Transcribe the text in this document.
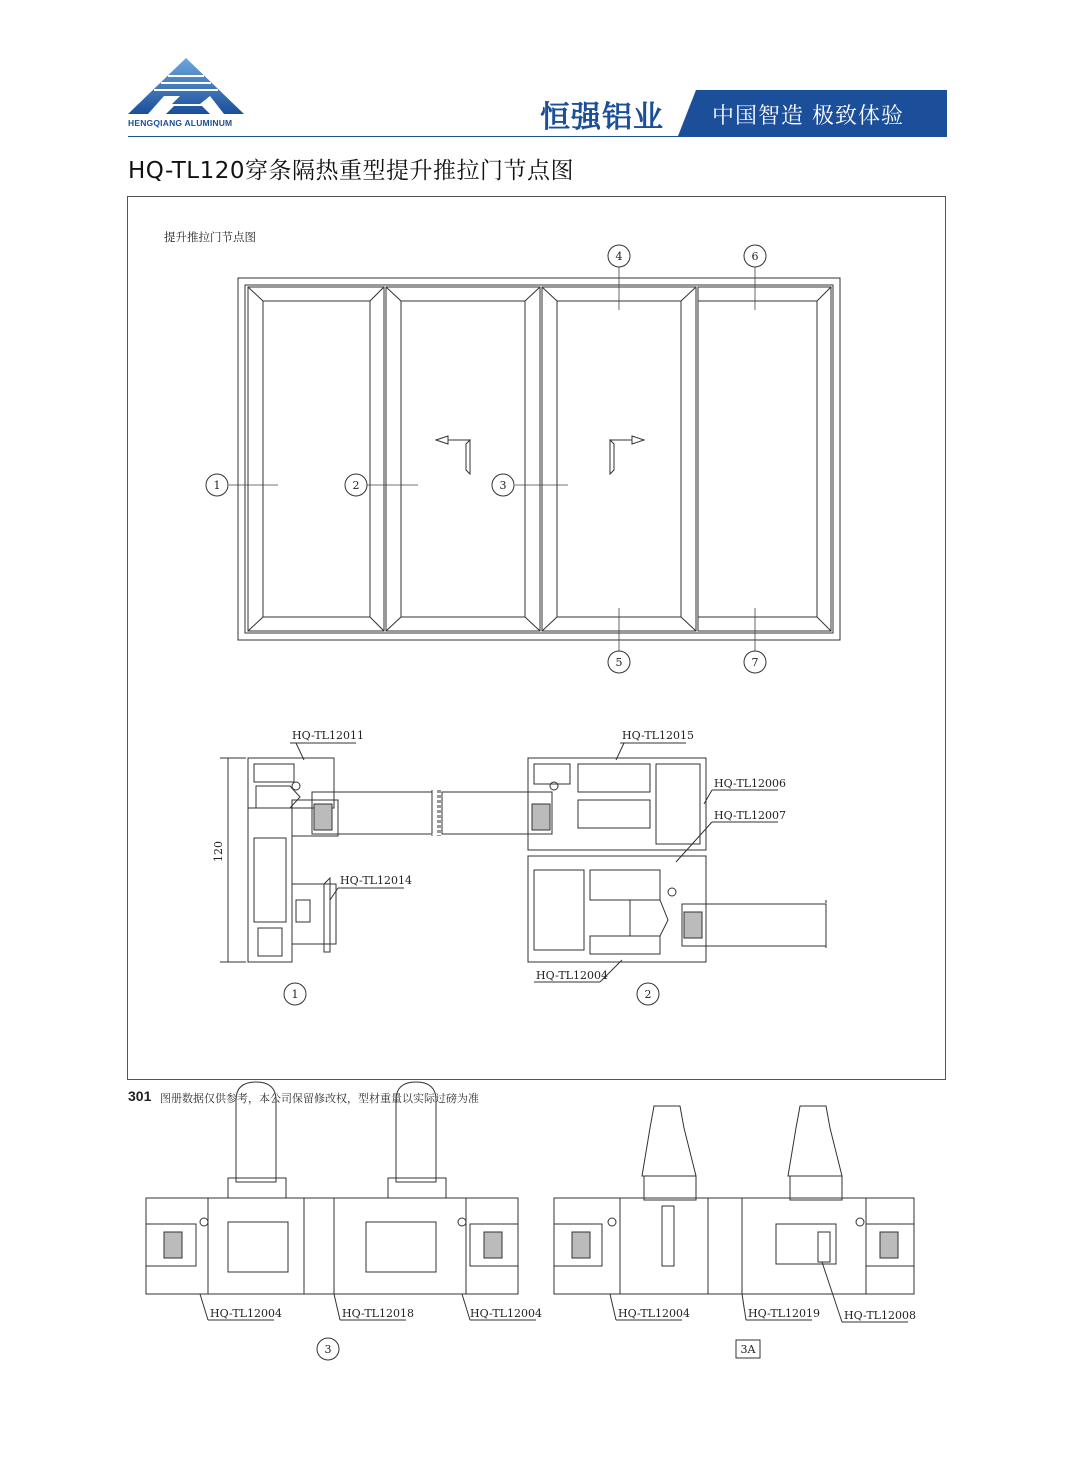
HENGQIANG ALUMINUM	恒强铝业 中国智造 极致体验
HQ-TL120穿条隔热重型提升推拉门节点图
提升推拉门节点图
1	2	3
4	6
5	7
HQ-TL12011
HQ-TL12014
120
1
HQ-TL12015
HQ-TL12006
HQ-TL12007
HQ-TL12004
2
HQ-TL12004	HQ-TL12018	HQ-TL12004
3
HQ-TL12004	HQ-TL12019 HQ-TL12008
3A
301 图册数据仅供参考，本公司保留修改权，型材重量以实际过磅为准
